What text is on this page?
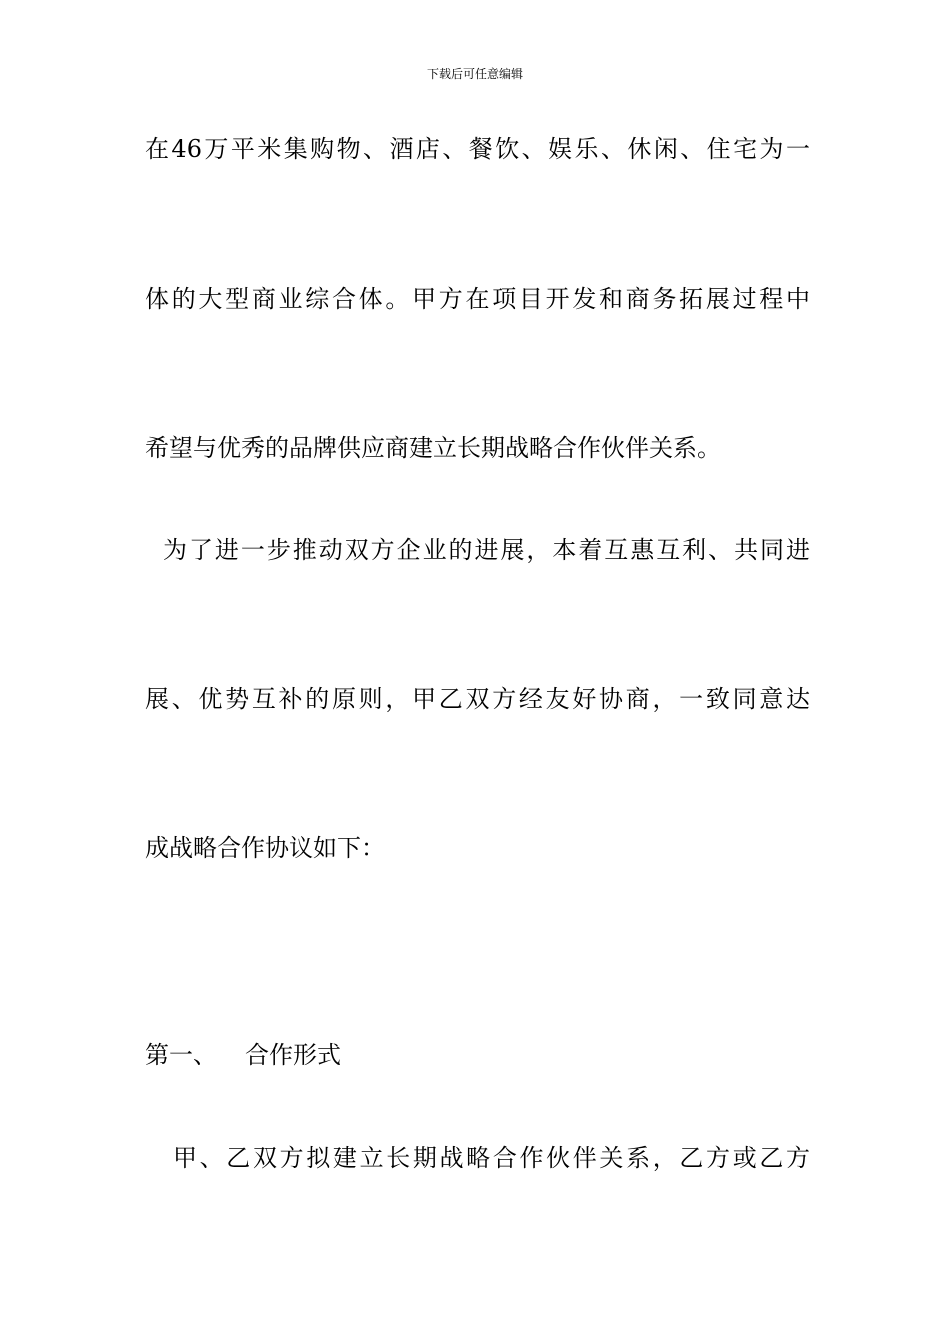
下载后可任意编辑
在46万平米集购物、酒店、餐饮、娱乐、休闲、住宅为一
体的大型商业综合体。甲方在项目开发和商务拓展过程中
希望与优秀的品牌供应商建立长期战略合作伙伴关系。
为了进一步推动双方企业的进展，本着互惠互利、共同进
展、优势互补的原则，甲乙双方经友好协商，一致同意达
成战略合作协议如下：
第一、 合作形式
甲、乙双方拟建立长期战略合作伙伴关系，乙方或乙方
